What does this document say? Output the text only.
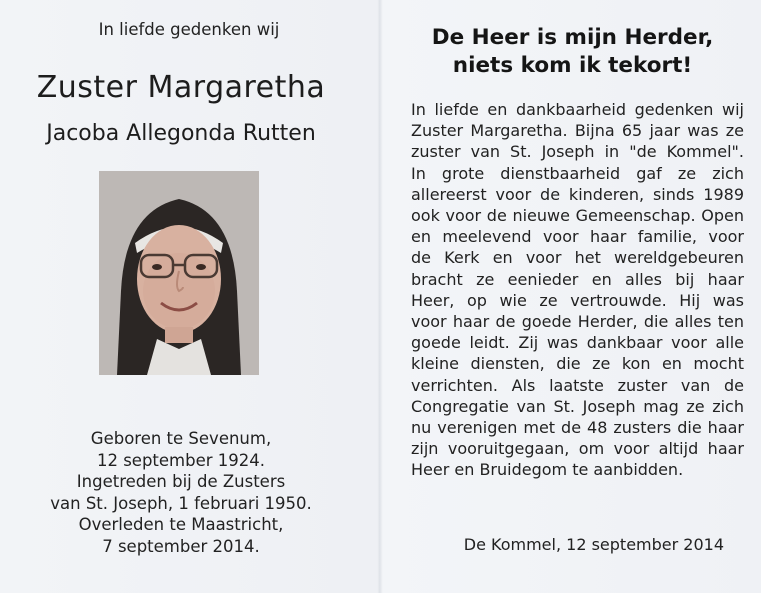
In liefde gedenken wij
Zuster Margaretha
Jacoba Allegonda Rutten
Geboren te Sevenum,
12 september 1924.
Ingetreden bij de Zusters
van St. Joseph, 1 februari 1950.
Overleden te Maastricht,
7 september 2014.
De Heer is mijn Herder,
niets kom ik tekort!
In liefde en dankbaarheid gedenken wij
Zuster Margaretha. Bijna 65 jaar was ze
zuster van St. Joseph in "de Kommel".
In grote dienstbaarheid gaf ze zich
allereerst voor de kinderen, sinds 1989
ook voor de nieuwe Gemeenschap. Open
en meelevend voor haar familie, voor
de Kerk en voor het wereldgebeuren
bracht ze eenieder en alles bij haar
Heer, op wie ze vertrouwde. Hij was
voor haar de goede Herder, die alles ten
goede leidt. Zij was dankbaar voor alle
kleine diensten, die ze kon en mocht
verrichten. Als laatste zuster van de
Congregatie van St. Joseph mag ze zich
nu verenigen met de 48 zusters die haar
zijn vooruitgegaan, om voor altijd haar
Heer en Bruidegom te aanbidden.
De Kommel, 12 september 2014
